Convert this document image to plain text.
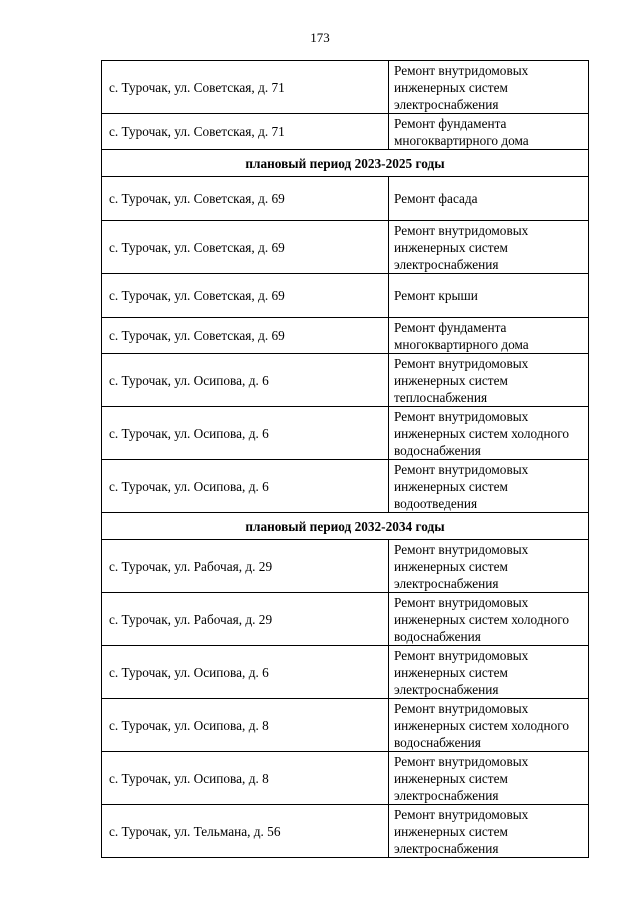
173
с. Турочак, ул. Советская, д. 71	Ремонт внутридомовых инженерных систем электроснабжения
с. Турочак, ул. Советская, д. 71	Ремонт фундамента многоквартирного дома
плановый период 2023-2025 годы	
с. Турочак, ул. Советская, д. 69	Ремонт фасада
с. Турочак, ул. Советская, д. 69	Ремонт внутридомовых инженерных систем электроснабжения
с. Турочак, ул. Советская, д. 69	Ремонт крыши
с. Турочак, ул. Советская, д. 69	Ремонт фундамента многоквартирного дома
с. Турочак, ул. Осипова, д. 6	Ремонт внутридомовых инженерных систем теплоснабжения
с. Турочак, ул. Осипова, д. 6	Ремонт внутридомовых инженерных систем холодного водоснабжения
с. Турочак, ул. Осипова, д. 6	Ремонт внутридомовых инженерных систем водоотведения
плановый период 2032-2034 годы	
с. Турочак, ул. Рабочая, д. 29	Ремонт внутридомовых инженерных систем электроснабжения
с. Турочак, ул. Рабочая, д. 29	Ремонт внутридомовых инженерных систем холодного водоснабжения
с. Турочак, ул. Осипова, д. 6	Ремонт внутридомовых инженерных систем электроснабжения
с. Турочак, ул. Осипова, д. 8	Ремонт внутридомовых инженерных систем холодного водоснабжения
с. Турочак, ул. Осипова, д. 8	Ремонт внутридомовых инженерных систем электроснабжения
с. Турочак, ул. Тельмана, д. 56	Ремонт внутридомовых инженерных систем электроснабжения
